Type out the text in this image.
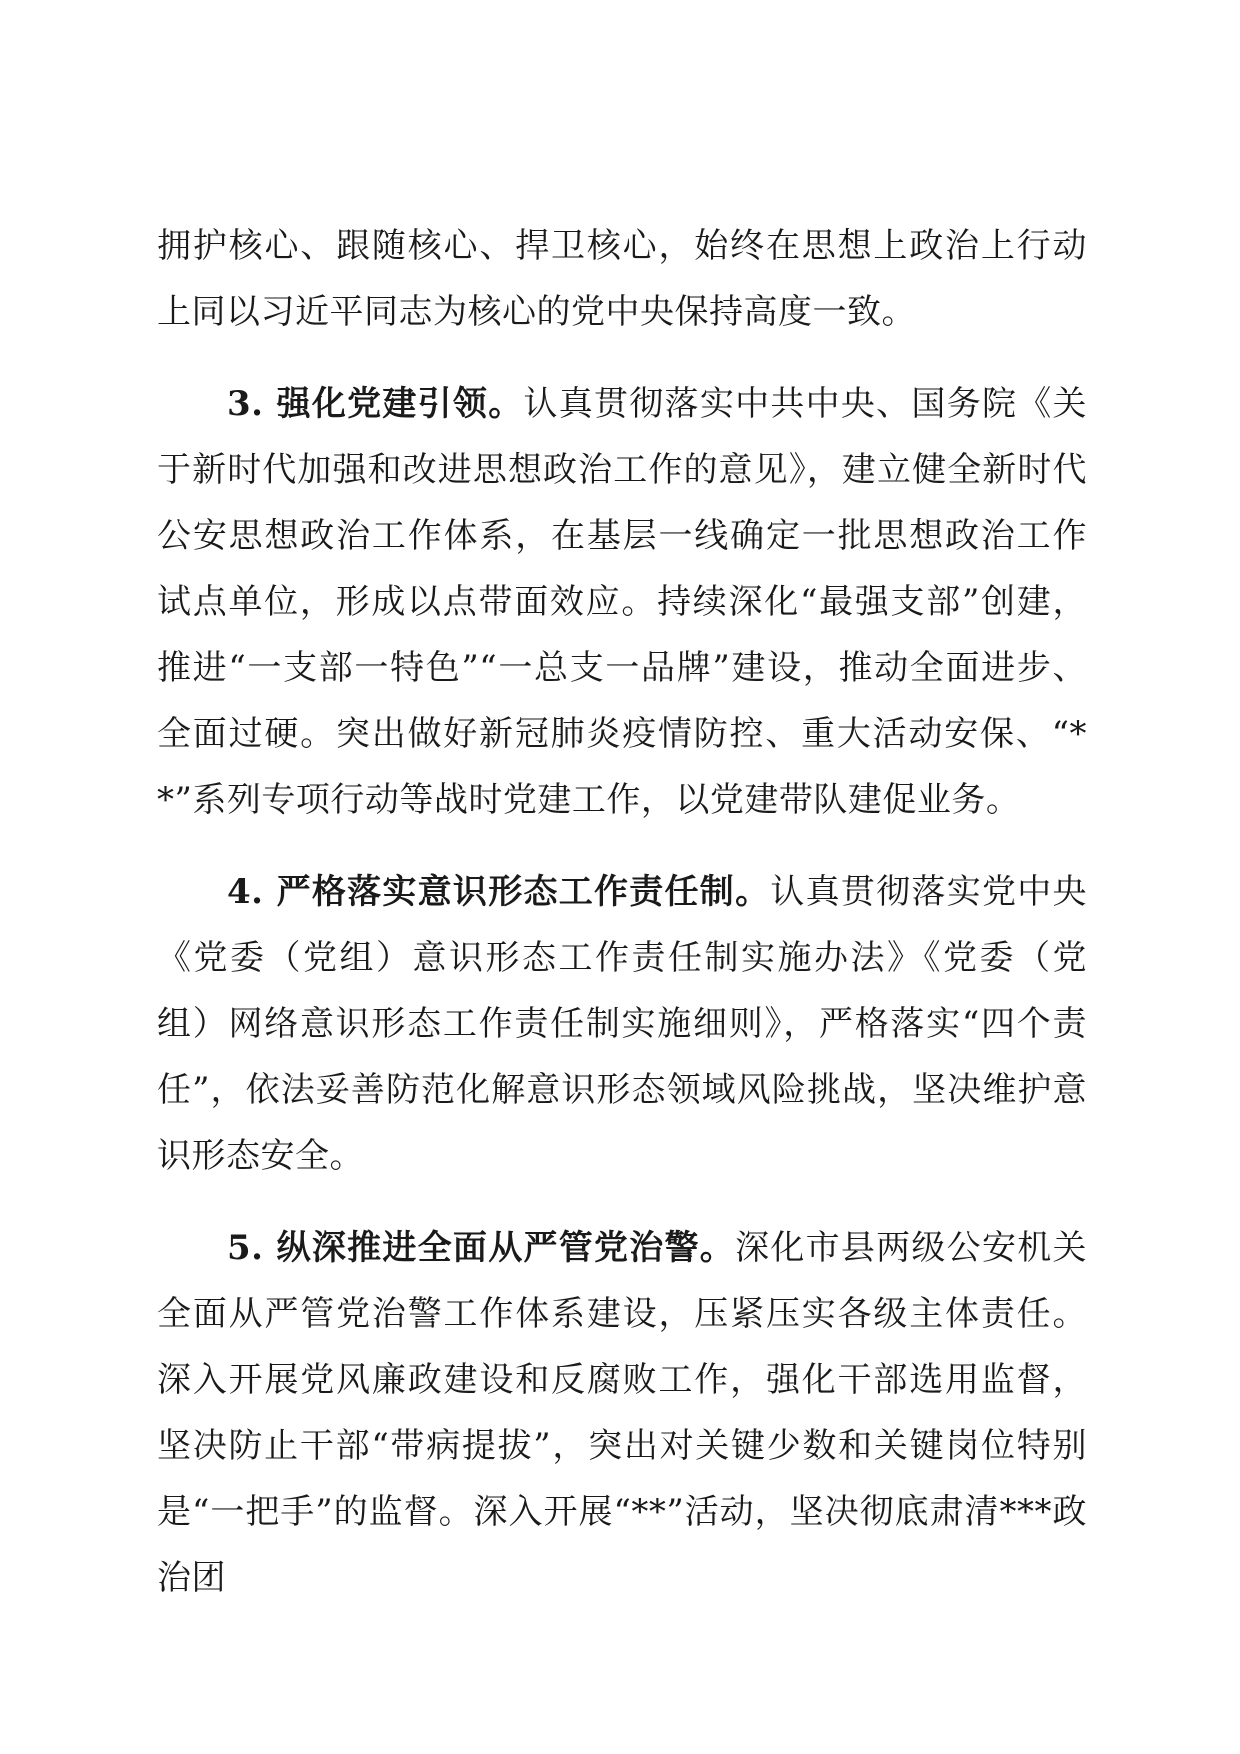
拥护核心、跟随核心、捍卫核心，始终在思想上政治上行动上同以习近平同志为核心的党中央保持高度一致。

3. 强化党建引领。认真贯彻落实中共中央、国务院《关于新时代加强和改进思想政治工作的意见》，建立健全新时代公安思想政治工作体系，在基层一线确定一批思想政治工作试点单位，形成以点带面效应。持续深化“最强支部”创建，推进“一支部一特色”“一总支一品牌”建设，推动全面进步、全面过硬。突出做好新冠肺炎疫情防控、重大活动安保、“**”系列专项行动等战时党建工作，以党建带队建促业务。

4. 严格落实意识形态工作责任制。认真贯彻落实党中央《党委（党组）意识形态工作责任制实施办法》《党委（党组）网络意识形态工作责任制实施细则》，严格落实“四个责任”，依法妥善防范化解意识形态领域风险挑战，坚决维护意识形态安全。

5. 纵深推进全面从严管党治警。深化市县两级公安机关全面从严管党治警工作体系建设，压紧压实各级主体责任。深入开展党风廉政建设和反腐败工作，强化干部选用监督，坚决防止干部“带病提拔”，突出对关键少数和关键岗位特别是“一把手”的监督。深入开展“**”活动，坚决彻底肃清***政治团
